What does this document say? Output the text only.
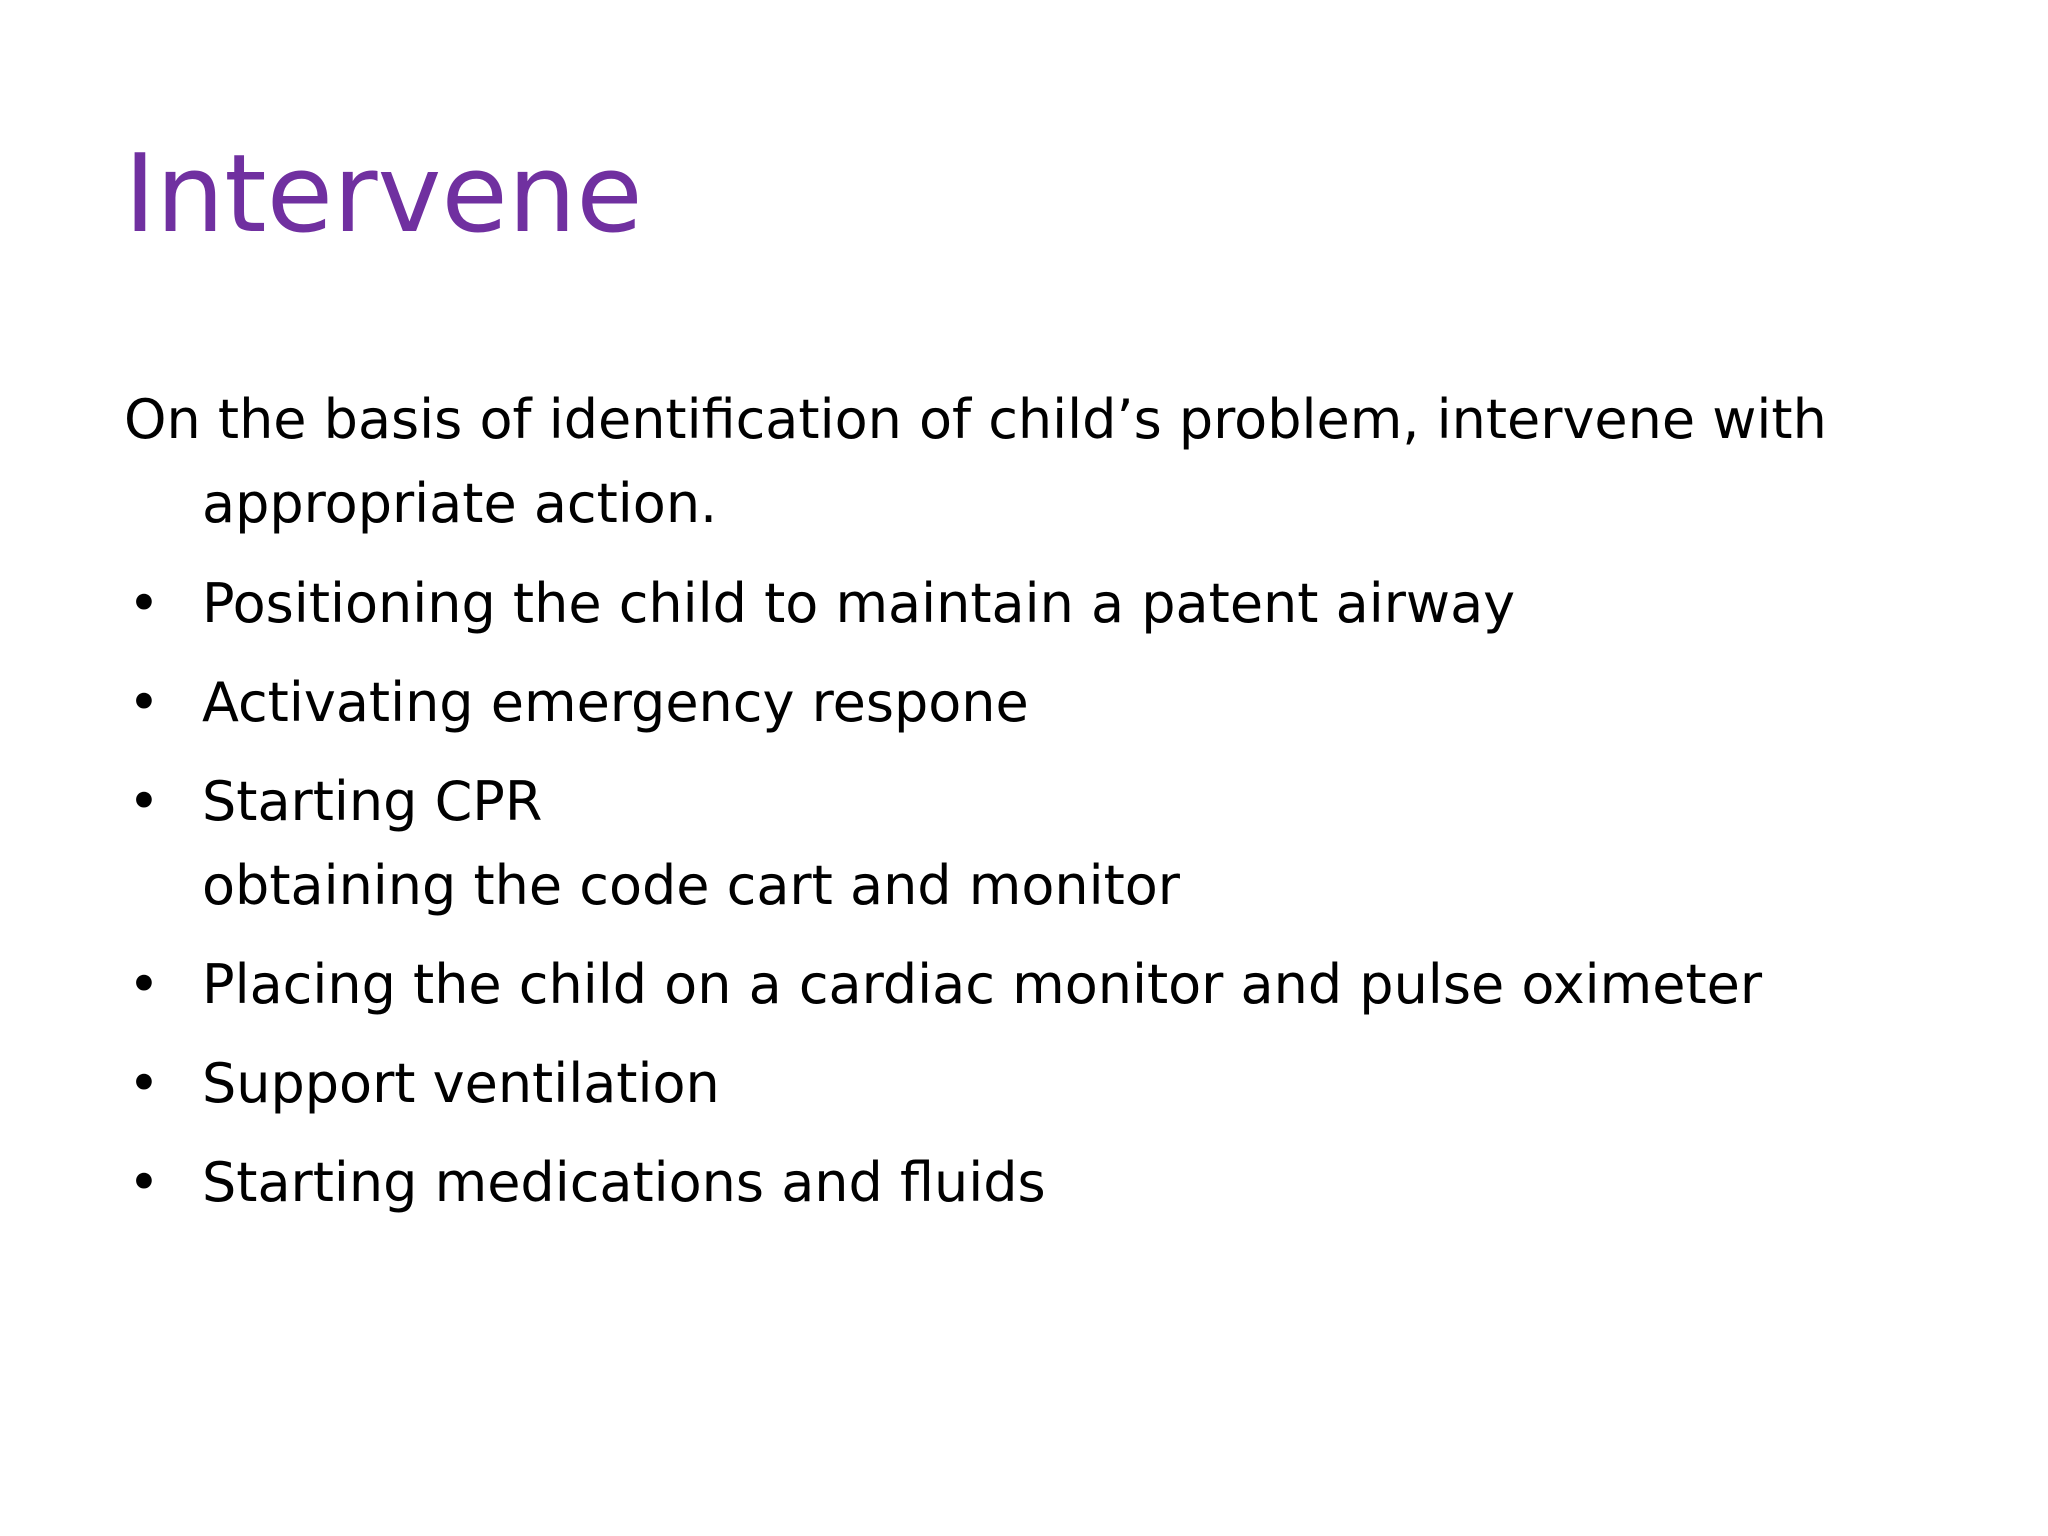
Intervene

On the basis of identification of child’s problem, intervene with appropriate action.

• Positioning the child to maintain a patent airway
• Activating emergency respone
• Starting CPR
obtaining the code cart and monitor
• Placing the child on a cardiac monitor and pulse oximeter
• Support ventilation
• Starting medications and fluids
